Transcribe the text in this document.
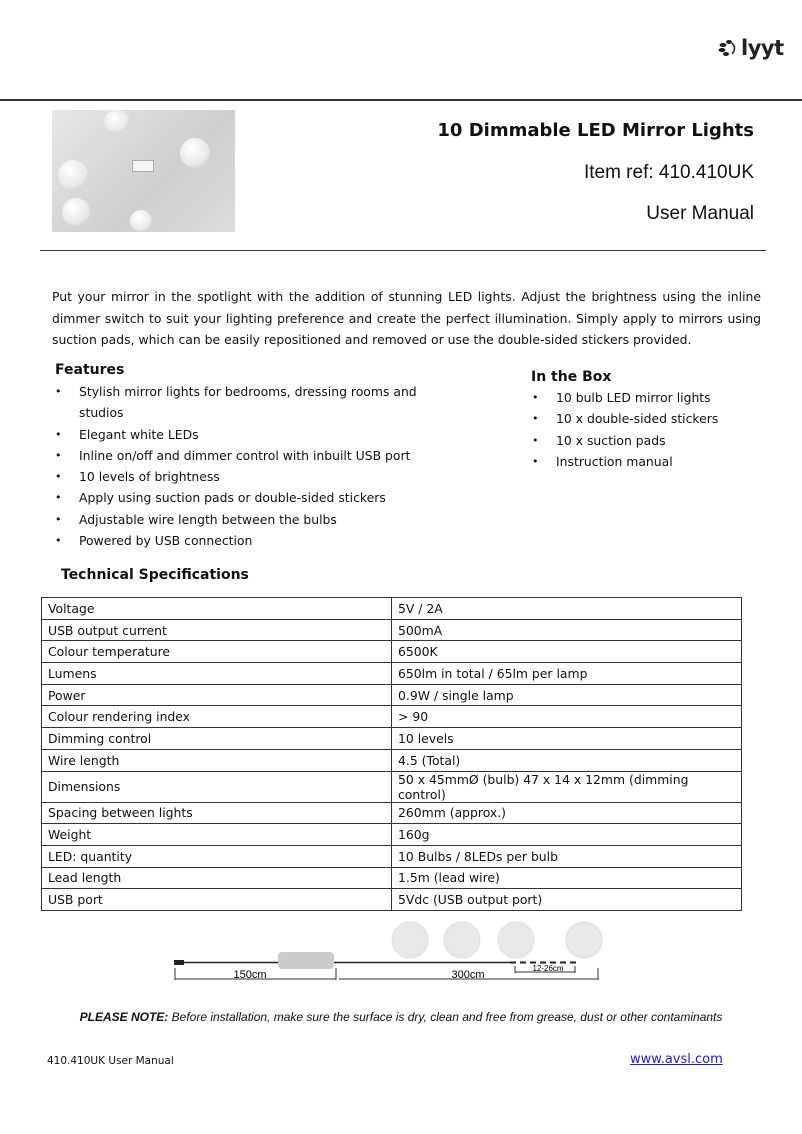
lyyt
10 Dimmable LED Mirror Lights
Item ref: 410.410UK
User Manual

Put your mirror in the spotlight with the addition of stunning LED lights. Adjust the brightness using the inline dimmer switch to suit your lighting preference and create the perfect illumination. Simply apply to mirrors using suction pads, which can be easily repositioned and removed or use the double-sided stickers provided.

Features
• Stylish mirror lights for bedrooms, dressing rooms and studios
• Elegant white LEDs
• Inline on/off and dimmer control with inbuilt USB port
• 10 levels of brightness
• Apply using suction pads or double-sided stickers
• Adjustable wire length between the bulbs
• Powered by USB connection
In the Box
• 10 bulb LED mirror lights
• 10 x double-sided stickers
• 10 x suction pads
• Instruction manual
Technical Specifications
Voltage	5V / 2A
USB output current	500mA
Colour temperature	6500K
Lumens	650lm in total / 65lm per lamp
Power	0.9W / single lamp
Colour rendering index	> 90
Dimming control	10 levels
Wire length	4.5 (Total)
Dimensions	50 x 45mmØ (bulb) 47 x 14 x 12mm (dimming control)
Spacing between lights	260mm (approx.)
Weight	160g
LED: quantity	10 Bulbs / 8LEDs per bulb
Lead length	1.5m (lead wire)
USB port	5Vdc (USB output port)
150cm	300cm
12-26cm
PLEASE NOTE: Before installation, make sure the surface is dry, clean and free from grease, dust or other contaminants
410.410UK User Manual	www.avsl.com
